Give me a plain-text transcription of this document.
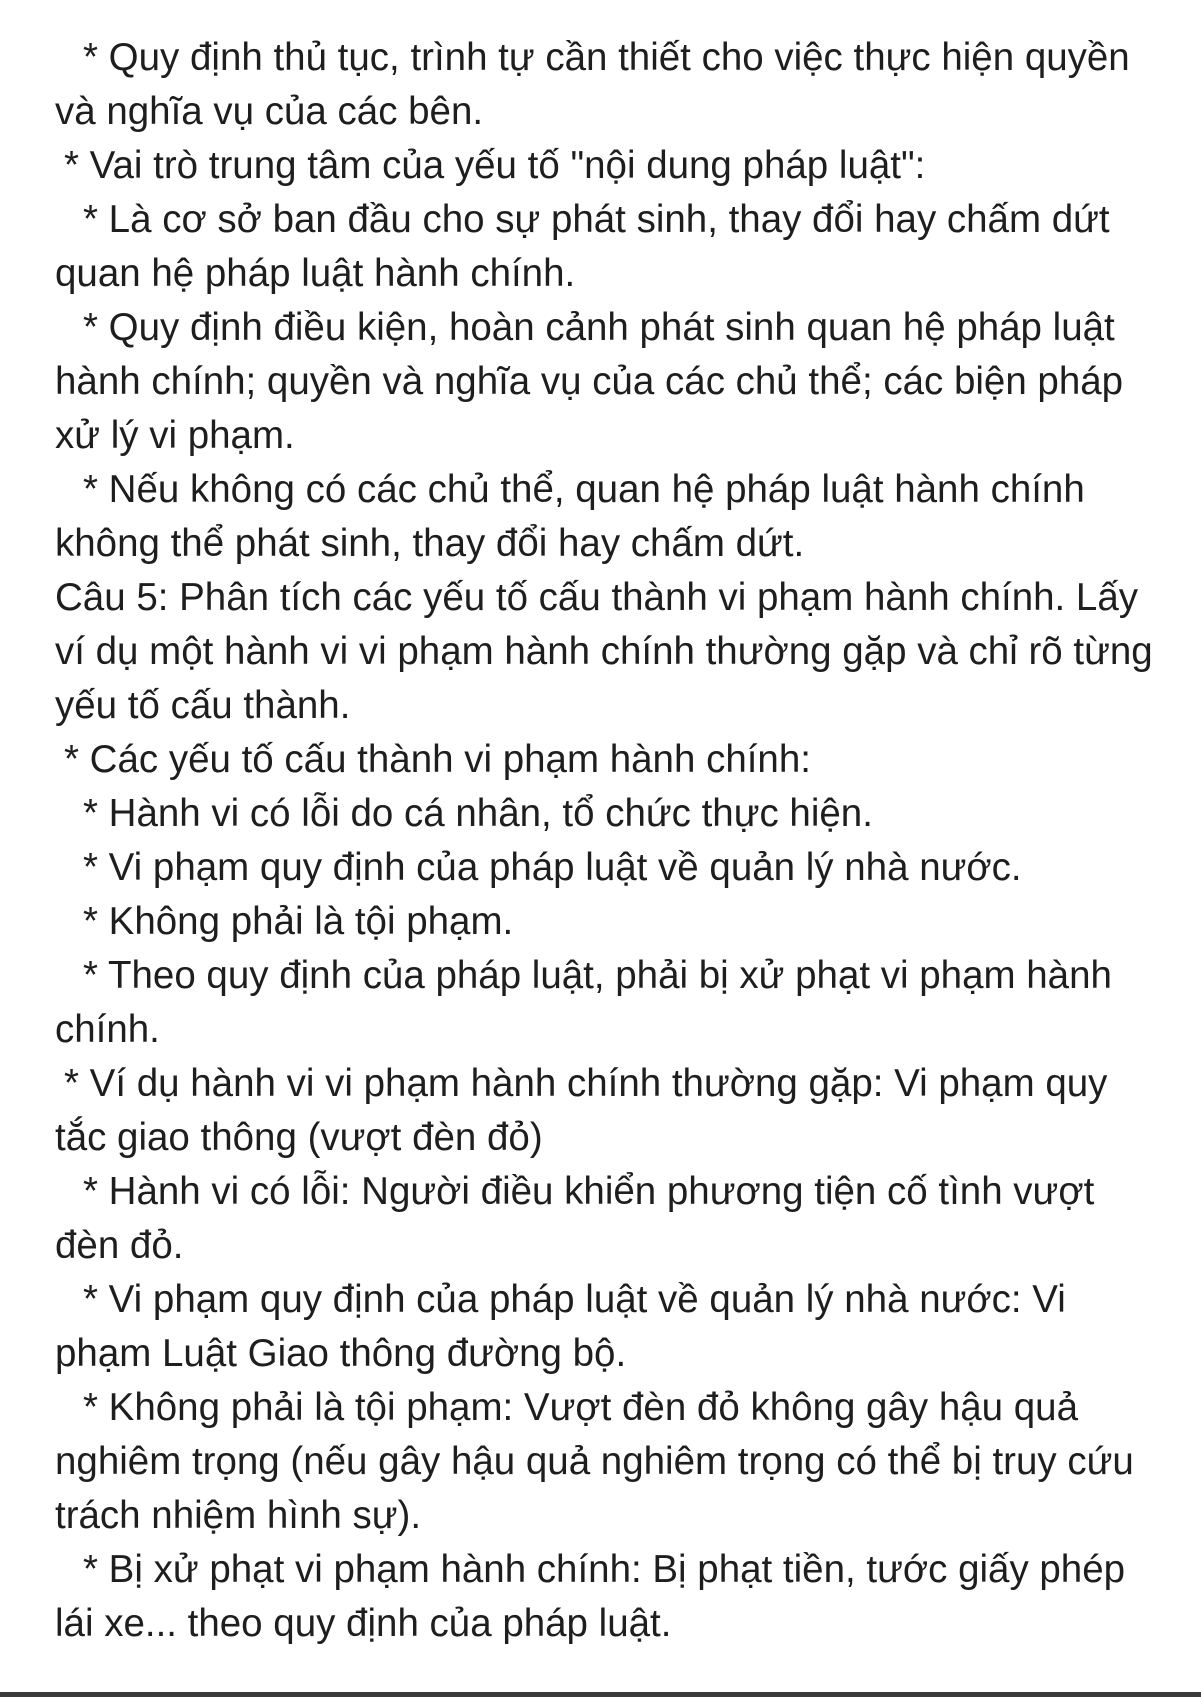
* Quy định thủ tục, trình tự cần thiết cho việc thực hiện quyền và nghĩa vụ của các bên.

* Vai trò trung tâm của yếu tố "nội dung pháp luật":

* Là cơ sở ban đầu cho sự phát sinh, thay đổi hay chấm dứt quan hệ pháp luật hành chính.

* Quy định điều kiện, hoàn cảnh phát sinh quan hệ pháp luật hành chính; quyền và nghĩa vụ của các chủ thể; các biện pháp xử lý vi phạm.

* Nếu không có các chủ thể, quan hệ pháp luật hành chính không thể phát sinh, thay đổi hay chấm dứt.

Câu 5: Phân tích các yếu tố cấu thành vi phạm hành chính. Lấy ví dụ một hành vi vi phạm hành chính thường gặp và chỉ rõ từng yếu tố cấu thành.

* Các yếu tố cấu thành vi phạm hành chính:

* Hành vi có lỗi do cá nhân, tổ chức thực hiện.

* Vi phạm quy định của pháp luật về quản lý nhà nước.

* Không phải là tội phạm.

* Theo quy định của pháp luật, phải bị xử phạt vi phạm hành chính.

* Ví dụ hành vi vi phạm hành chính thường gặp: Vi phạm quy tắc giao thông (vượt đèn đỏ)

* Hành vi có lỗi: Người điều khiển phương tiện cố tình vượt đèn đỏ.

* Vi phạm quy định của pháp luật về quản lý nhà nước: Vi phạm Luật Giao thông đường bộ.

* Không phải là tội phạm: Vượt đèn đỏ không gây hậu quả nghiêm trọng (nếu gây hậu quả nghiêm trọng có thể bị truy cứu trách nhiệm hình sự).

* Bị xử phạt vi phạm hành chính: Bị phạt tiền, tước giấy phép lái xe... theo quy định của pháp luật.
